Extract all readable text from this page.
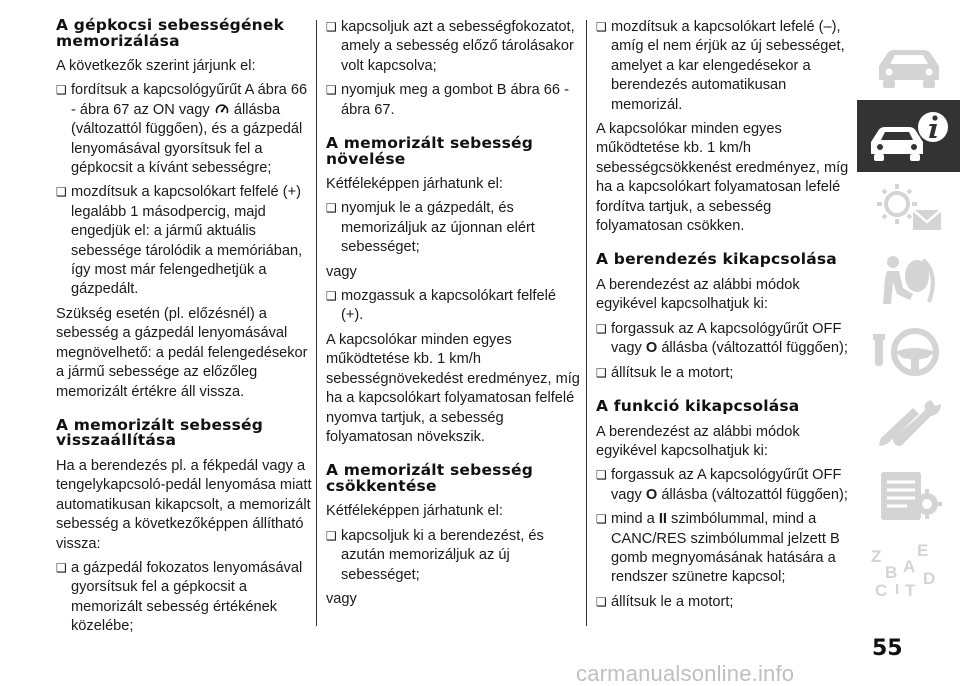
A gépkocsi sebességének memorizálása

A következők szerint járjunk el:

❑ fordítsuk a kapcsológyűrűt A ábra 66 - ábra 67 az ON vagy állásba (változattól függően), és a gázpedál lenyomásával gyorsítsuk fel a gépkocsit a kívánt sebességre;
❑ mozdítsuk a kapcsolókart felfelé (+) legalább 1 másodpercig, majd engedjük el: a jármű aktuális sebessége tárolódik a memóriában, így most már felengedhetjük a gázpedált.

Szükség esetén (pl. előzésnél) a sebesség a gázpedál lenyomásával megnövelhető: a pedál felengedésekor a jármű sebessége az előzőleg memorizált értékre áll vissza.

A memorizált sebesség visszaállítása

Ha a berendezés pl. a fékpedál vagy a tengelykapcsoló-pedál lenyomása miatt automatikusan kikapcsolt, a memorizált sebesség a következőképpen állítható vissza:

❑ a gázpedál fokozatos lenyomásával gyorsítsuk fel a gépkocsit a memorizált sebesség értékének közelébe;
❑ kapcsoljuk azt a sebességfokozatot, amely a sebesség előző tárolásakor volt kapcsolva;
❑ nyomjuk meg a gombot B ábra 66 - ábra 67.
A memorizált sebesség növelése

Kétféleképpen járhatunk el:

❑ nyomjuk le a gázpedált, és memorizáljuk az újonnan elért sebességet;

vagy

❑ mozgassuk a kapcsolókart felfelé (+).

A kapcsolókar minden egyes működtetése kb. 1 km/h sebességnövekedést eredményez, míg ha a kapcsolókart folyamatosan felfelé nyomva tartjuk, a sebesség folyamatosan növekszik.

A memorizált sebesség csökkentése

Kétféleképpen járhatunk el:

❑ kapcsoljuk ki a berendezést, és azután memorizáljuk az új sebességet;

vagy

❑ mozdítsuk a kapcsolókart lefelé (–), amíg el nem érjük az új sebességet, amelyet a kar elengedésekor a berendezés automatikusan memorizál.

A kapcsolókar minden egyes működtetése kb. 1 km/h sebességcsökkenést eredményez, míg ha a kapcsolókart folyamatosan lefelé fordítva tartjuk, a sebesség folyamatosan csökken.

A berendezés kikapcsolása

A berendezést az alábbi módok egyikével kapcsolhatjuk ki:

❑ forgassuk az A kapcsológyűrűt OFF vagy O állásba (változattól függően);
❑ állítsuk le a motort;
A funkció kikapcsolása

A berendezést az alábbi módok egyikével kapcsolhatjuk ki:

❑ forgassuk az A kapcsológyűrűt OFF vagy O állásba (változattól függően);
❑ mind a II szimbólummal, mind a CANC/RES szimbólummal jelzett B gomb megnyomásának hatására a rendszer szünetre kapcsol;
❑ állítsuk le a motort;
Z E
A
B
C
D
T
I
55
carmanualsonline.info
